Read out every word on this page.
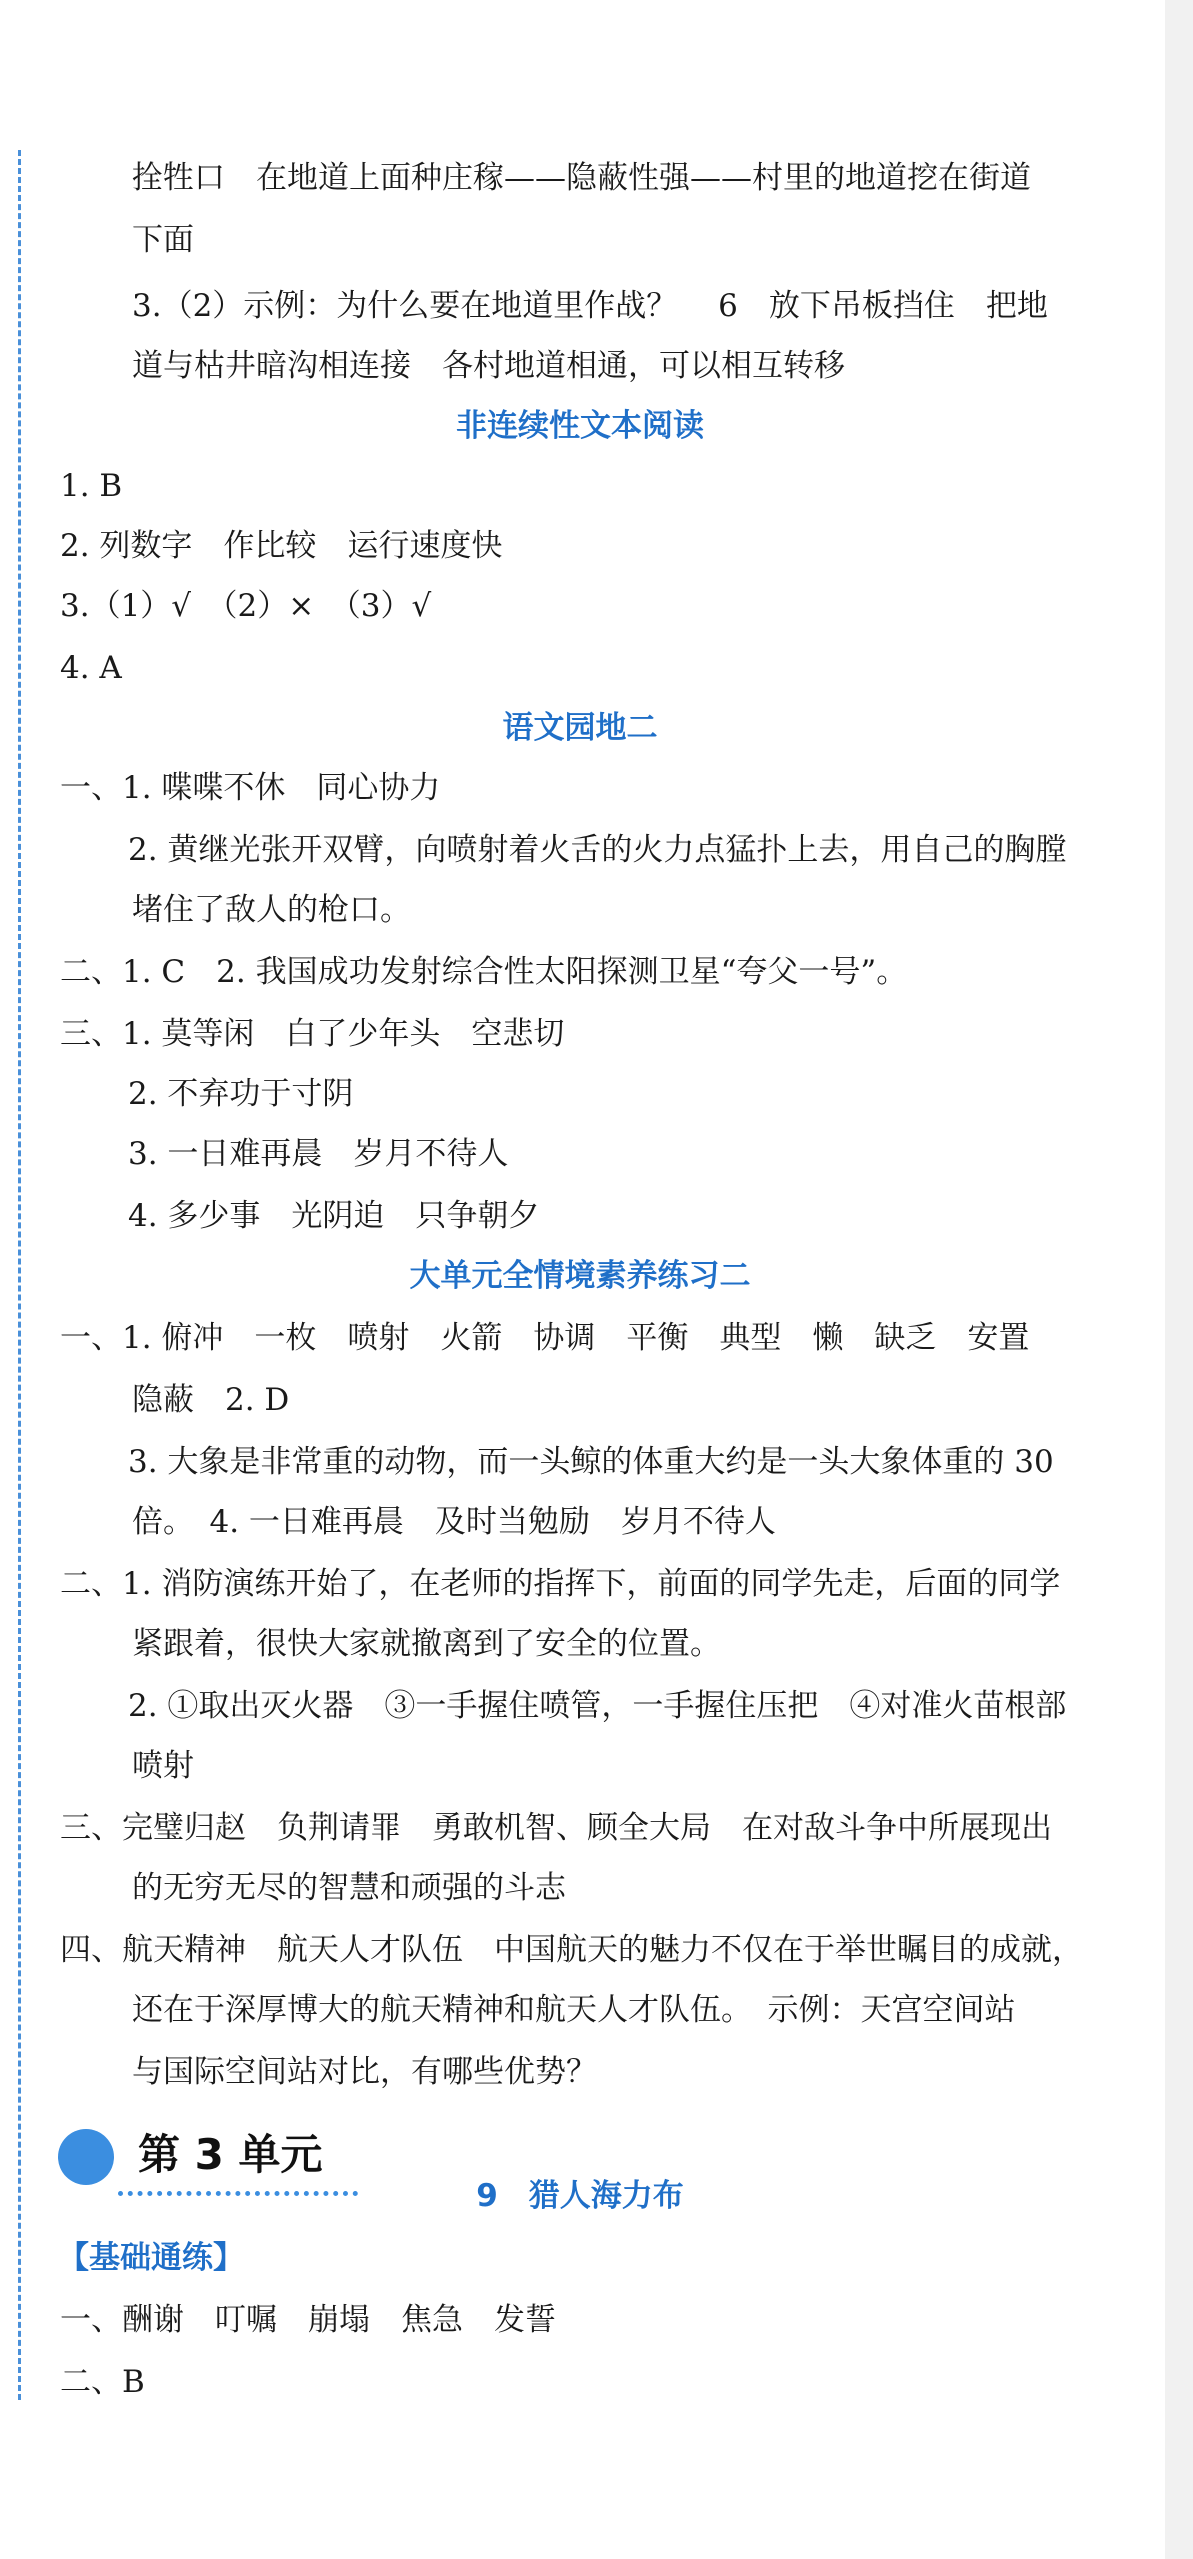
拴牲口　在地道上面种庄稼——隐蔽性强——村里的地道挖在街道
下面
3.（2）示例：为什么要在地道里作战？　 6　放下吊板挡住　把地
道与枯井暗沟相连接　各村地道相通，可以相互转移
非连续性文本阅读
1. B
2. 列数字　作比较　运行速度快
3.（1）√　（2）×　（3）√
4. A
语文园地二
一、1. 喋喋不休　同心协力
2. 黄继光张开双臂，向喷射着火舌的火力点猛扑上去，用自己的胸膛
堵住了敌人的枪口。
二、1. C　2. 我国成功发射综合性太阳探测卫星“夸父一号”。
三、1. 莫等闲　白了少年头　空悲切
2. 不弃功于寸阴
3. 一日难再晨　岁月不待人
4. 多少事　光阴迫　只争朝夕
大单元全情境素养练习二
一、1. 俯冲　一枚　喷射　火箭　协调　平衡　典型　懒　缺乏　安置
隐蔽　2. D
3. 大象是非常重的动物，而一头鲸的体重大约是一头大象体重的 30
倍。　4. 一日难再晨　及时当勉励　岁月不待人
二、1. 消防演练开始了，在老师的指挥下，前面的同学先走，后面的同学
紧跟着，很快大家就撤离到了安全的位置。
2. ①取出灭火器　③一手握住喷管，一手握住压把　④对准火苗根部
喷射
三、完璧归赵　负荆请罪　勇敢机智、顾全大局　在对敌斗争中所展现出
的无穷无尽的智慧和顽强的斗志
四、航天精神　航天人才队伍　中国航天的魅力不仅在于举世瞩目的成就，
还在于深厚博大的航天精神和航天人才队伍。　示例：天宫空间站
与国际空间站对比，有哪些优势？
第 3 单元
9　猎人海力布
【基础通练】
一、酬谢　叮嘱　崩塌　焦急　发誓
二、B
